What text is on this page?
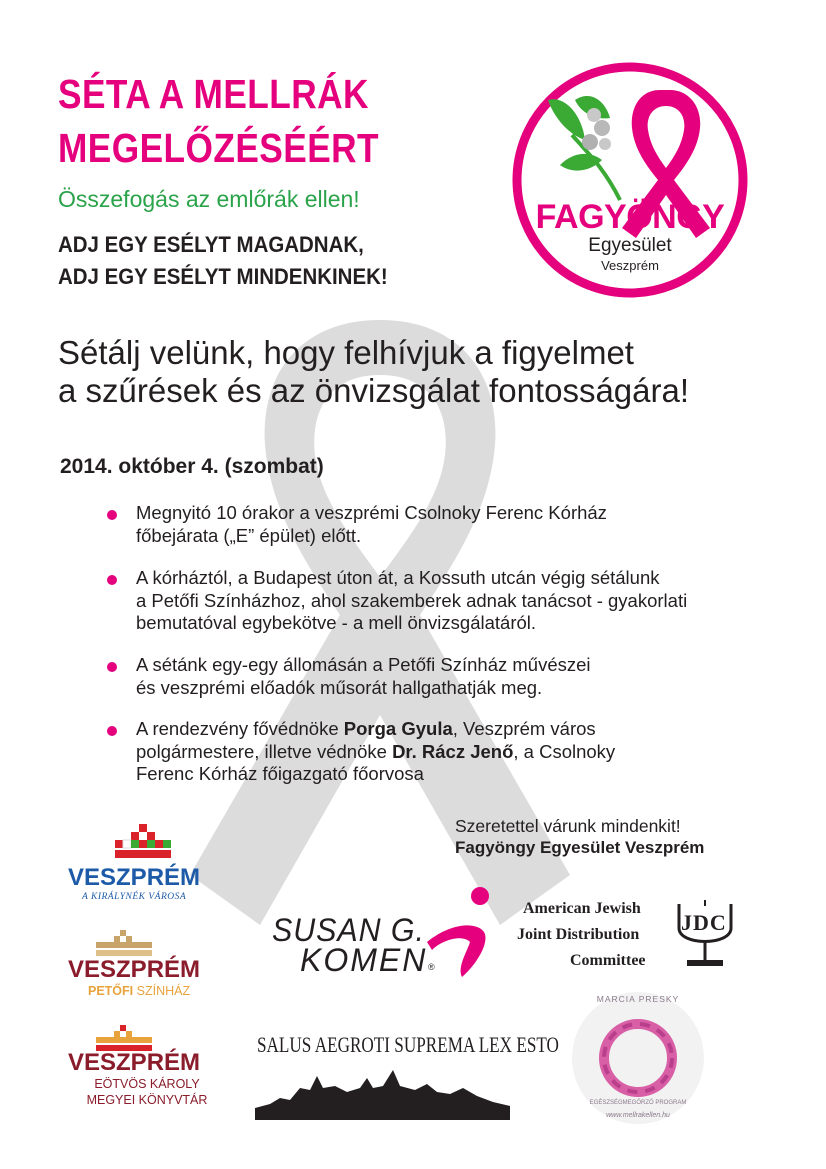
SÉTA A MELLRÁK
MEGELŐZÉSÉÉRT
Összefogás az emlőrák ellen!
ADJ EGY ESÉLYT MAGADNAK,
ADJ EGY ESÉLYT MINDENKINEK!
FAGYÖNGY
Egyesület
Veszprém
Sétálj velünk, hogy felhívjuk a figyelmet
a szűrések és az önvizsgálat fontosságára!
2014. október 4. (szombat)
Megnyitó 10 órakor a veszprémi Csolnoky Ferenc Kórház
főbejárata („E” épület) előtt.
A kórháztól, a Budapest úton át, a Kossuth utcán végig sétálunk
a Petőfi Színházhoz, ahol szakemberek adnak tanácsot - gyakorlati
bemutatóval egybekötve - a mell önvizsgálatáról.
A sétánk egy-egy állomásán a Petőfi Színház művészei
és veszprémi előadók műsorát hallgathatják meg.
A rendezvény fővédnöke Porga Gyula, Veszprém város
polgármestere, illetve védnöke Dr. Rácz Jenő, a Csolnoky
Ferenc Kórház főigazgató főorvosa
Szeretettel várunk mindenkit!
Fagyöngy Egyesület Veszprém
VESZPRÉM
A KIRÁLYNÉK VÁROSA
VESZPRÉM
PETŐFI SZÍNHÁZ
VESZPRÉM
EÖTVÖS KÁROLY
MEGYEI KÖNYVTÁR
SUSAN G.
KOMEN ®
American Jewish
Joint Distribution
Committee
JDC
SALUS AEGROTI SUPREMA LEX ESTO
MARCIA PRESKY
EGÉSZSÉGMEGŐRZŐ PROGRAM
www.mellrakellen.hu
